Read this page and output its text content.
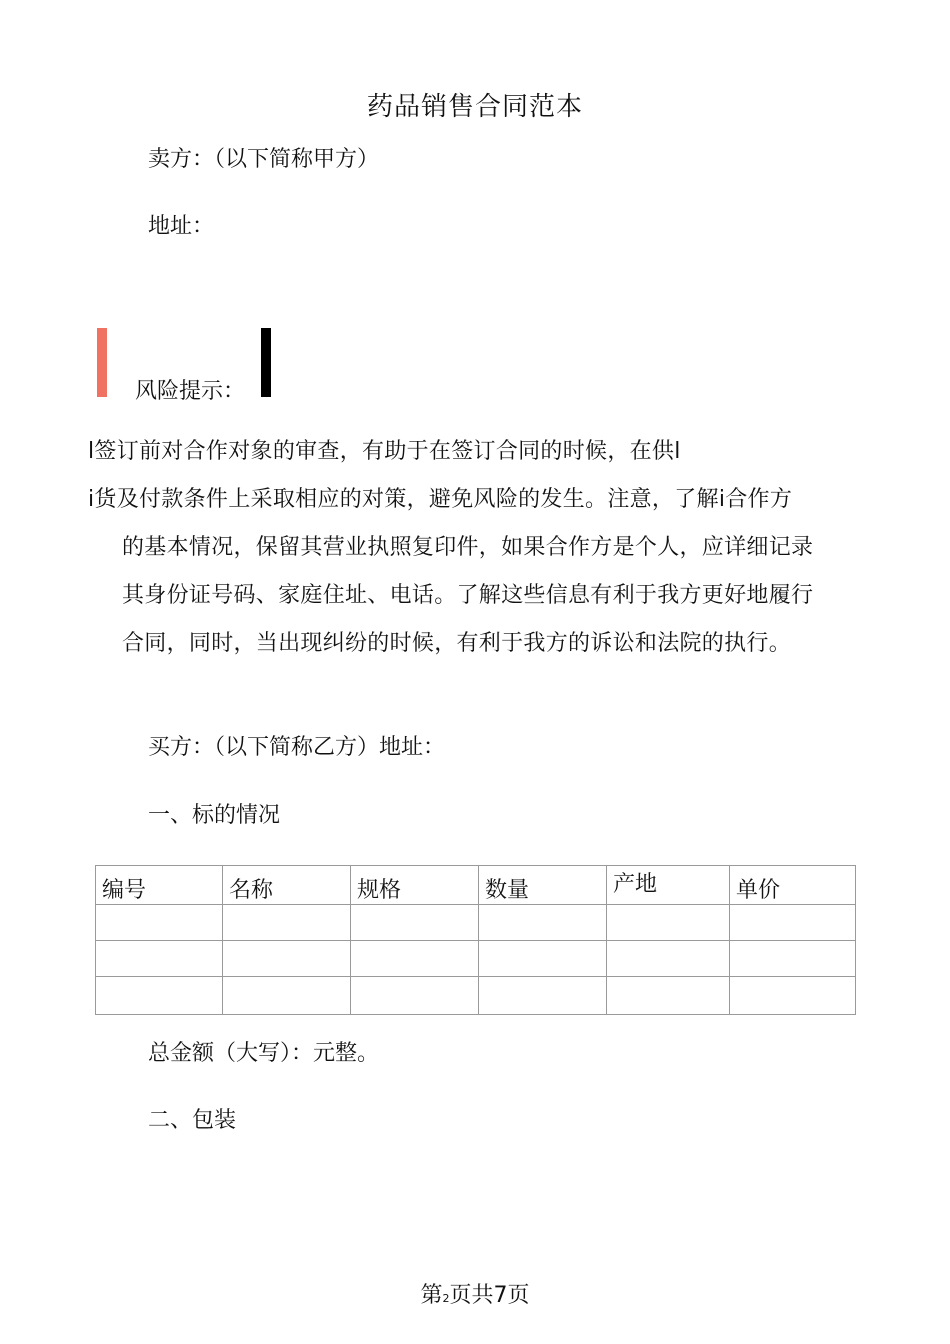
药品销售合同范本
卖方：（以下简称甲方）
地址：
风险提示：
l签订前对合作对象的审查，有助于在签订合同的时候，在供l
i货及付款条件上采取相应的对策，避免风险的发生。注意，了解i合作方
的基本情况，保留其营业执照复印件，如果合作方是个人，应详细记录
其身份证号码、家庭住址、电话。了解这些信息有利于我方更好地履行
合同，同时，当出现纠纷的时候，有利于我方的诉讼和法院的执行。
买方：（以下简称乙方）地址：
一、标的情况
编号	名称	规格	数量	产地	单价

总金额（大写）：元整。
二、包装
第2页共7页
